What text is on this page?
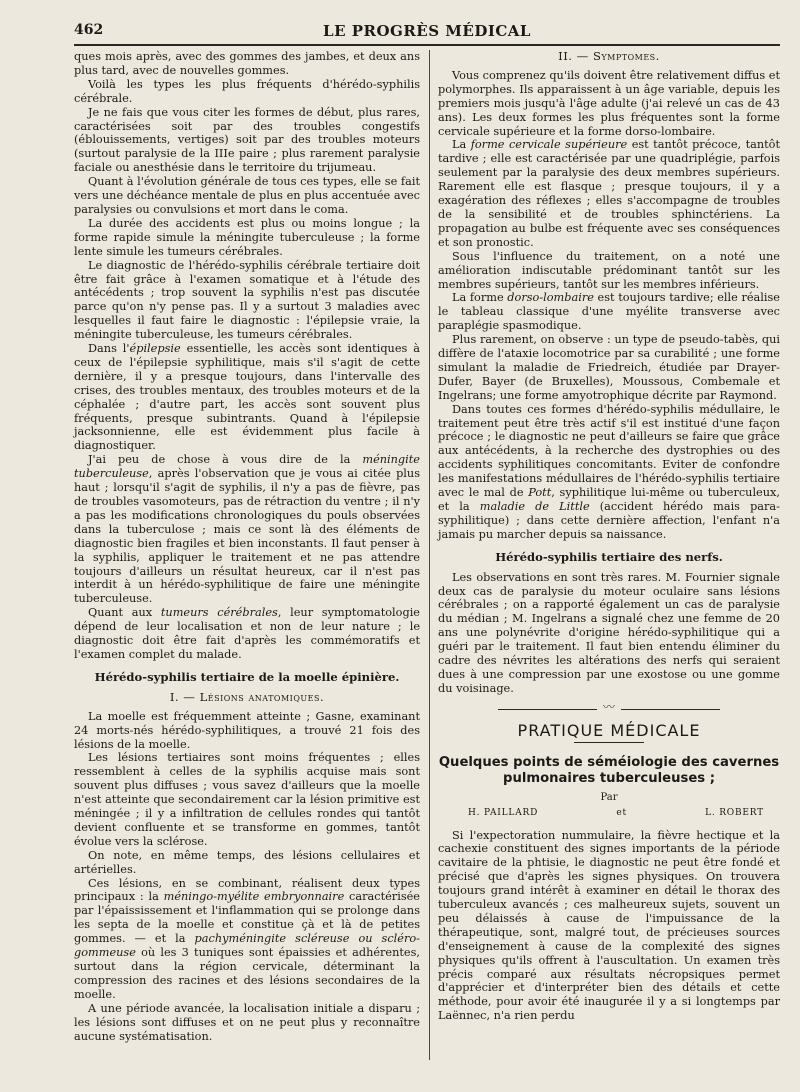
462	LE PROGRÈS MÉDICAL

ques mois après, avec des gommes des jambes, et deux ans plus tard, avec de nouvelles gommes.

Voilà les types les plus fréquents d'hérédo-syphilis cérébrale.

Je ne fais que vous citer les formes de début, plus rares, caractérisées soit par des troubles congestifs (éblouissements, vertiges) soit par des troubles moteurs (surtout paralysie de la IIIe paire ; plus rarement paralysie faciale ou anesthésie dans le territoire du trijumeau.

Quant à l'évolution générale de tous ces types, elle se fait vers une déchéance mentale de plus en plus accentuée avec paralysies ou convulsions et mort dans le coma.

La durée des accidents est plus ou moins longue ; la forme rapide simule la méningite tuberculeuse ; la forme lente simule les tumeurs cérébrales.

Le diagnostic de l'hérédo-syphilis cérébrale tertiaire doit être fait grâce à l'examen somatique et à l'étude des antécédents ; trop souvent la syphilis n'est pas discutée parce qu'on n'y pense pas. Il y a surtout 3 maladies avec lesquelles il faut faire le diagnostic : l'épilepsie vraie, la méningite tuberculeuse, les tumeurs cérébrales.

Dans l'épilepsie essentielle, les accès sont identiques à ceux de l'épilepsie syphilitique, mais s'il s'agit de cette dernière, il y a presque toujours, dans l'intervalle des crises, des troubles mentaux, des troubles moteurs et de la céphalée ; d'autre part, les accès sont souvent plus fréquents, presque subintrants. Quand à l'épilepsie jacksonnienne, elle est évidemment plus facile à diagnostiquer.

J'ai peu de chose à vous dire de la méningite tuberculeuse, après l'observation que je vous ai citée plus haut ; lorsqu'il s'agit de syphilis, il n'y a pas de fièvre, pas de troubles vasomoteurs, pas de rétraction du ventre ; il n'y a pas les modifications chronologiques du pouls observées dans la tuberculose ; mais ce sont là des éléments de diagnostic bien fragiles et bien inconstants. Il faut penser à la syphilis, appliquer le traitement et ne pas attendre toujours d'ailleurs un résultat heureux, car il n'est pas interdit à un hérédo-syphilitique de faire une méningite tuberculeuse.

Quant aux tumeurs cérébrales, leur symptomatologie dépend de leur localisation et non de leur nature ; le diagnostic doit être fait d'après les commémoratifs et l'examen complet du malade.

Hérédo-syphilis tertiaire de la moelle épinière.
I. — Lésions anatomiques.

La moelle est fréquemment atteinte ; Gasne, examinant 24 morts-nés hérédo-syphilitiques, a trouvé 21 fois des lésions de la moelle.

Les lésions tertiaires sont moins fréquentes ; elles ressemblent à celles de la syphilis acquise mais sont souvent plus diffuses ; vous savez d'ailleurs que la moelle n'est atteinte que secondairement car la lésion primitive est méningée ; il y a infiltration de cellules rondes qui tantôt devient confluente et se transforme en gommes, tantôt évolue vers la sclérose.

On note, en même temps, des lésions cellulaires et artérielles.

Ces lésions, en se combinant, réalisent deux types principaux : la méningo-myélite embryonnaire caractérisée par l'épaississement et l'inflammation qui se prolonge dans les septa de la moelle et constitue çà et là de petites gommes. — et la pachyméningite scléreuse ou scléro-gommeuse où les 3 tuniques sont épaissies et adhérentes, surtout dans la région cervicale, déterminant la compression des racines et des lésions secondaires de la moelle.

A une période avancée, la localisation initiale a disparu ; les lésions sont diffuses et on ne peut plus y reconnaître aucune systématisation.

II. — Symptomes.

Vous comprenez qu'ils doivent être relativement diffus et polymorphes. Ils apparaissent à un âge variable, depuis les premiers mois jusqu'à l'âge adulte (j'ai relevé un cas de 43 ans). Les deux formes les plus fréquentes sont la forme cervicale supérieure et la forme dorso-lombaire.

La forme cervicale supérieure est tantôt précoce, tantôt tardive ; elle est caractérisée par une quadriplégie, parfois seulement par la paralysie des deux membres supérieurs. Rarement elle est flasque ; presque toujours, il y a exagération des réflexes ; elles s'accompagne de troubles de la sensibilité et de troubles sphinctériens. La propagation au bulbe est fréquente avec ses conséquences et son pronostic.

Sous l'influence du traitement, on a noté une amélioration indiscutable prédominant tantôt sur les membres supérieurs, tantôt sur les membres inférieurs.

La forme dorso-lombaire est toujours tardive; elle réalise le tableau classique d'une myélite transverse avec paraplégie spasmodique.

Plus rarement, on observe : un type de pseudo-tabès, qui diffère de l'ataxie locomotrice par sa curabilité ; une forme simulant la maladie de Friedreich, étudiée par Drayer-Dufer, Bayer (de Bruxelles), Moussous, Combemale et Ingelrans; une forme amyotrophique décrite par Raymond.

Dans toutes ces formes d'hérédo-syphilis médullaire, le traitement peut être très actif s'il est institué d'une façon précoce ; le diagnostic ne peut d'ailleurs se faire que grâce aux antécédents, à la recherche des dystrophies ou des accidents syphilitiques concomitants. Eviter de confondre les manifestations médullaires de l'hérédo-syphilis tertiaire avec le mal de Pott, syphilitique lui-même ou tuberculeux, et la maladie de Little (accident hérédo mais para-syphilitique) ; dans cette dernière affection, l'enfant n'a jamais pu marcher depuis sa naissance.

Hérédo-syphilis tertiaire des nerfs.

Les observations en sont très rares. M. Fournier signale deux cas de paralysie du moteur oculaire sans lésions cérébrales ; on a rapporté également un cas de paralysie du médian ; M. Ingelrans a signalé chez une femme de 20 ans une polynévrite d'origine hérédo-syphilitique qui a guéri par le traitement. Il faut bien entendu éliminer du cadre des névrites les altérations des nerfs qui seraient dues à une compression par une exostose ou une gomme du voisinage.

〰
PRATIQUE MÉDICALE
Quelques points de séméiologie des cavernes pulmonaires tuberculeuses ;
Par
H. PAILLARD	et	L. ROBERT

Si l'expectoration nummulaire, la fièvre hectique et la cachexie constituent des signes importants de la période cavitaire de la phtisie, le diagnostic ne peut être fondé et précisé que d'après les signes physiques. On trouvera toujours grand intérêt à examiner en détail le thorax des tuberculeux avancés ; ces malheureux sujets, souvent un peu délaissés à cause de l'impuissance de la thérapeutique, sont, malgré tout, de précieuses sources d'enseignement à cause de la complexité des signes physiques qu'ils offrent à l'auscultation. Un examen très précis comparé aux résultats nécropsiques permet d'apprécier et d'interpréter bien des détails et cette méthode, pour avoir été inaugurée il y a si longtemps par Laënnec, n'a rien perdu
